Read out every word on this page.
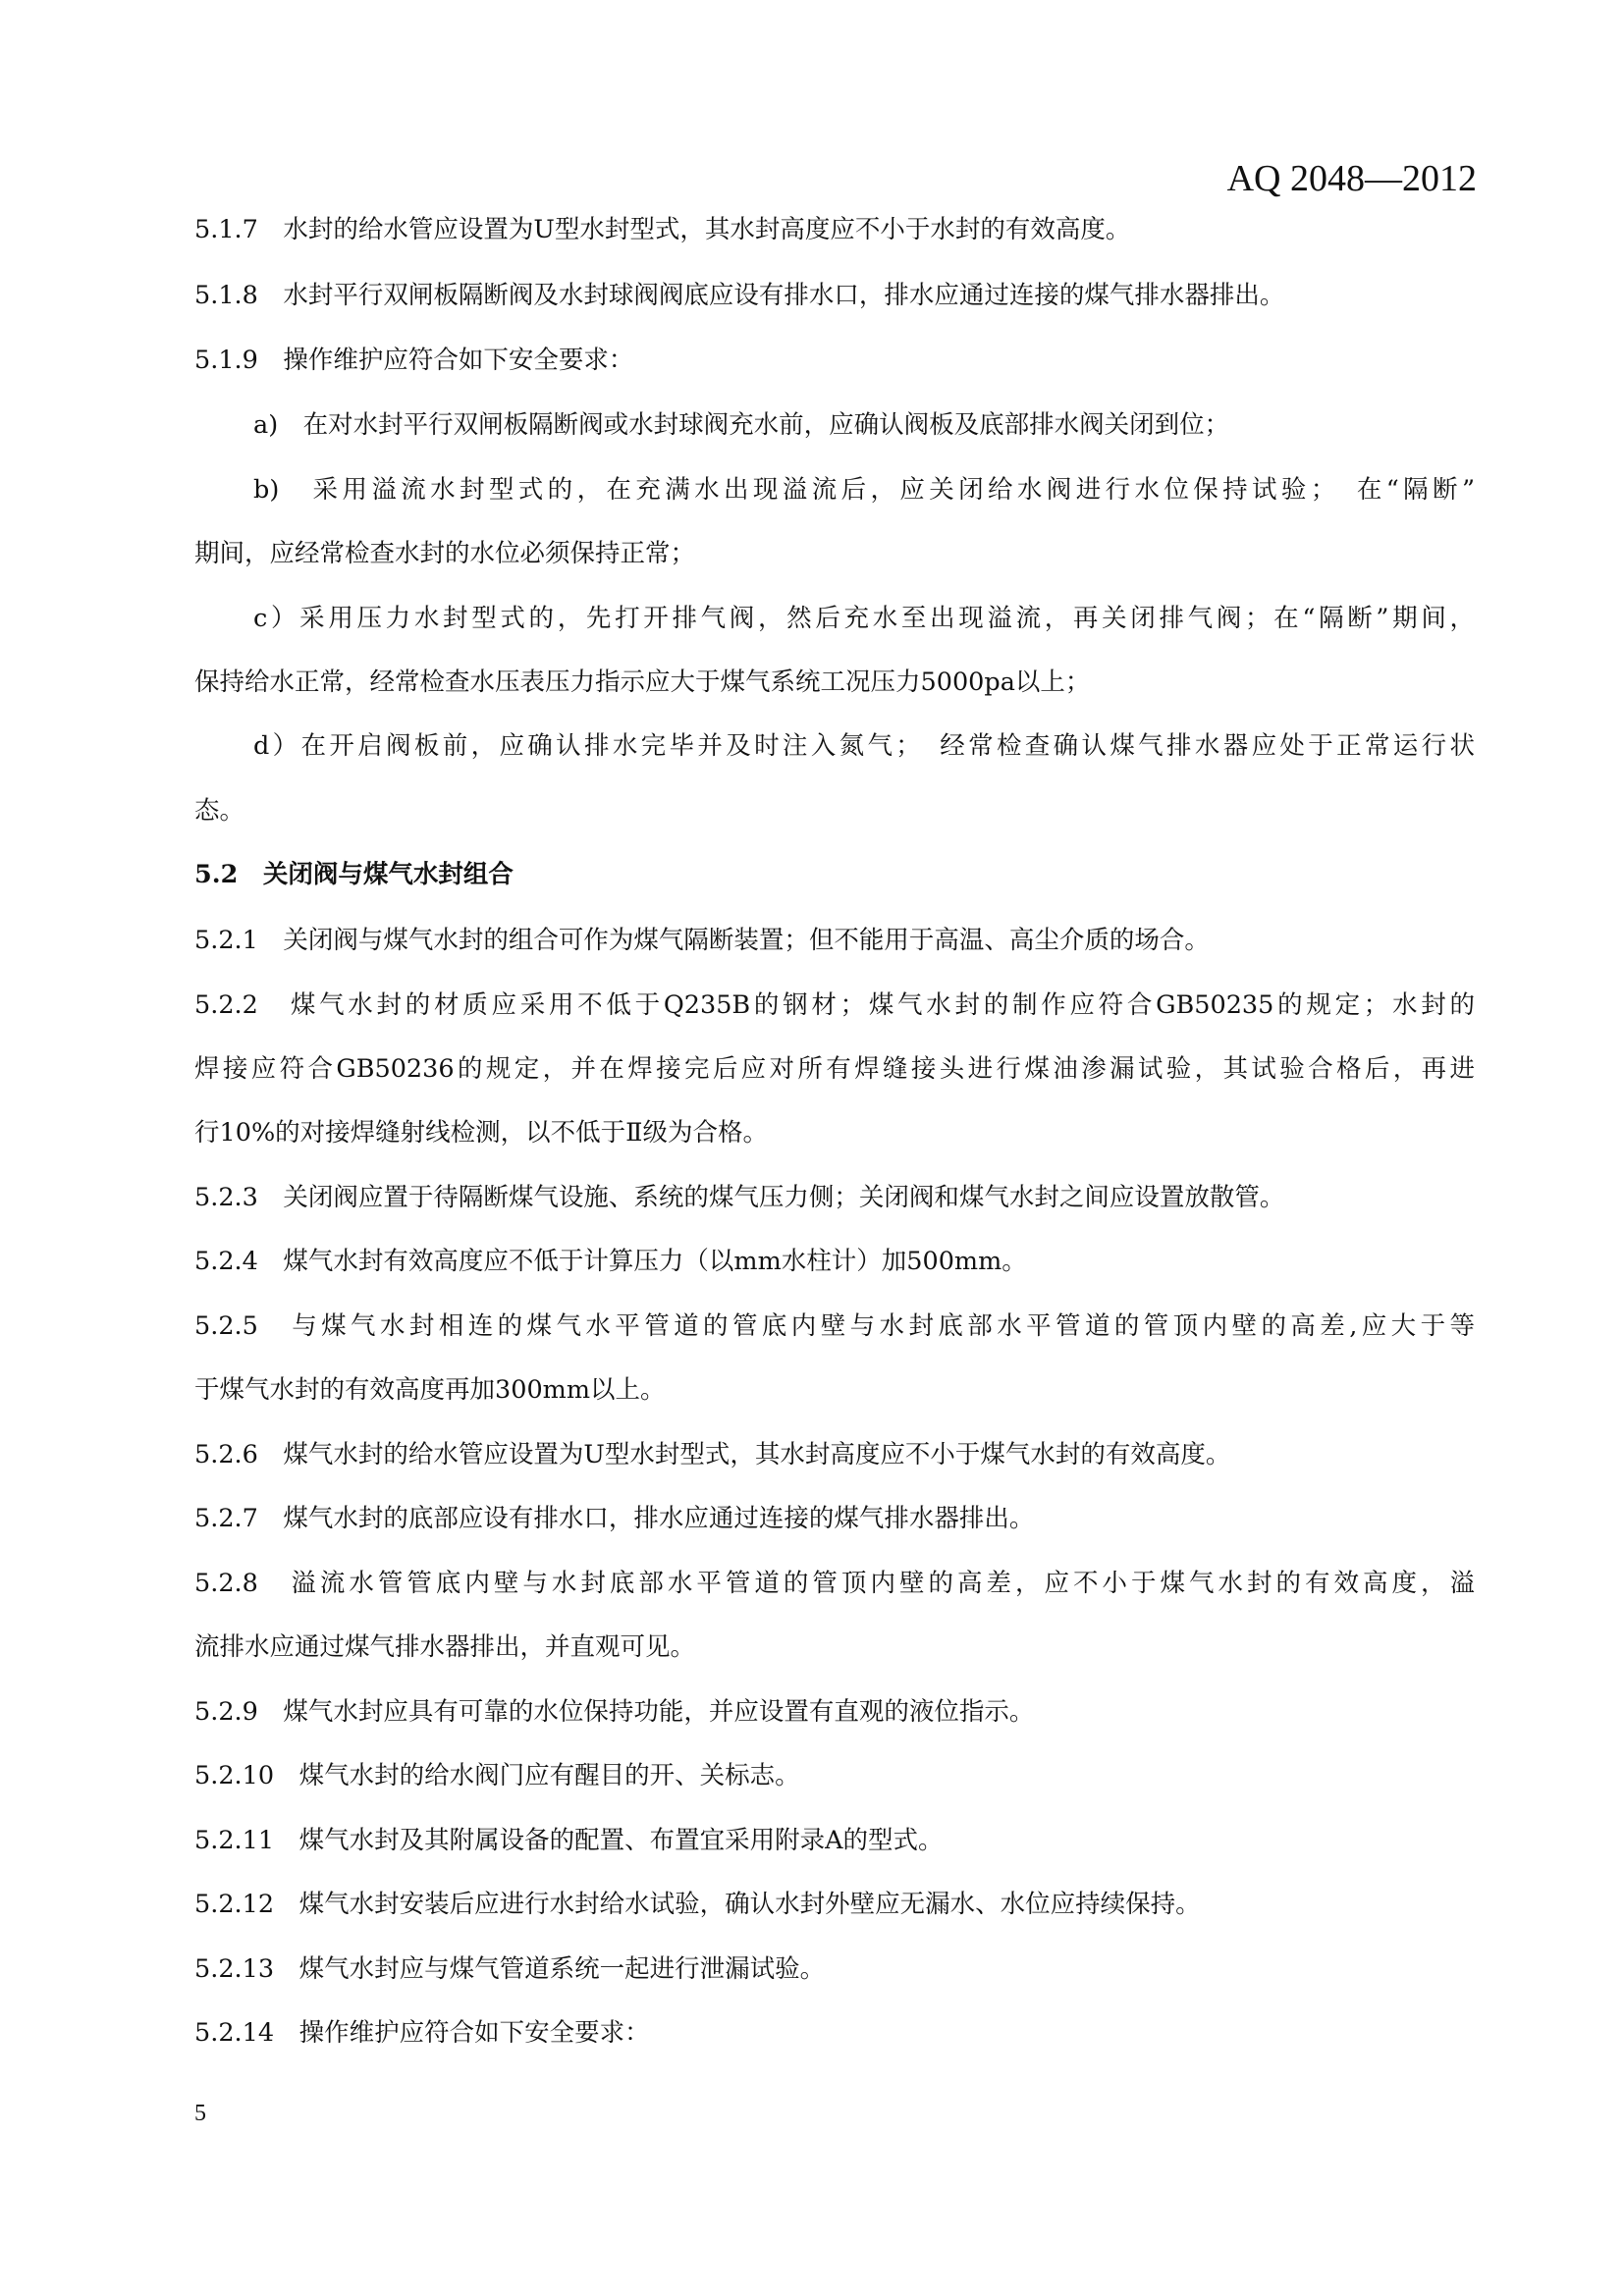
AQ 2048—2012
5.1.7　水封的给水管应设置为U型水封型式，其水封高度应不小于水封的有效高度。
5.1.8　水封平行双闸板隔断阀及水封球阀阀底应设有排水口，排水应通过连接的煤气排水器排出。
5.1.9　操作维护应符合如下安全要求：
a)　在对水封平行双闸板隔断阀或水封球阀充水前，应确认阀板及底部排水阀关闭到位；
b)　采用溢流水封型式的，在充满水出现溢流后，应关闭给水阀进行水位保持试验；　在“隔断”
期间，应经常检查水封的水位必须保持正常；
c）采用压力水封型式的，先打开排气阀，然后充水至出现溢流，再关闭排气阀；在“隔断”期间，
保持给水正常，经常检查水压表压力指示应大于煤气系统工况压力5000pa以上；
d）在开启阀板前，应确认排水完毕并及时注入氮气；　经常检查确认煤气排水器应处于正常运行状
态。
5.2　关闭阀与煤气水封组合
5.2.1　关闭阀与煤气水封的组合可作为煤气隔断装置；但不能用于高温、高尘介质的场合。
5.2.2　煤气水封的材质应采用不低于Q235B的钢材；煤气水封的制作应符合GB50235的规定；水封的
焊接应符合GB50236的规定，并在焊接完后应对所有焊缝接头进行煤油渗漏试验，其试验合格后，再进
行10%的对接焊缝射线检测，以不低于Ⅱ级为合格。
5.2.3　关闭阀应置于待隔断煤气设施、系统的煤气压力侧；关闭阀和煤气水封之间应设置放散管。
5.2.4　煤气水封有效高度应不低于计算压力（以mm水柱计）加500mm。
5.2.5　与煤气水封相连的煤气水平管道的管底内壁与水封底部水平管道的管顶内壁的高差,应大于等
于煤气水封的有效高度再加300mm以上。
5.2.6　煤气水封的给水管应设置为U型水封型式，其水封高度应不小于煤气水封的有效高度。
5.2.7　煤气水封的底部应设有排水口，排水应通过连接的煤气排水器排出。
5.2.8　溢流水管管底内壁与水封底部水平管道的管顶内壁的高差，应不小于煤气水封的有效高度，溢
流排水应通过煤气排水器排出，并直观可见。
5.2.9　煤气水封应具有可靠的水位保持功能，并应设置有直观的液位指示。
5.2.10　煤气水封的给水阀门应有醒目的开、关标志。
5.2.11　煤气水封及其附属设备的配置、布置宜采用附录A的型式。
5.2.12　煤气水封安装后应进行水封给水试验，确认水封外壁应无漏水、水位应持续保持。
5.2.13　煤气水封应与煤气管道系统一起进行泄漏试验。
5.2.14　操作维护应符合如下安全要求：
5
